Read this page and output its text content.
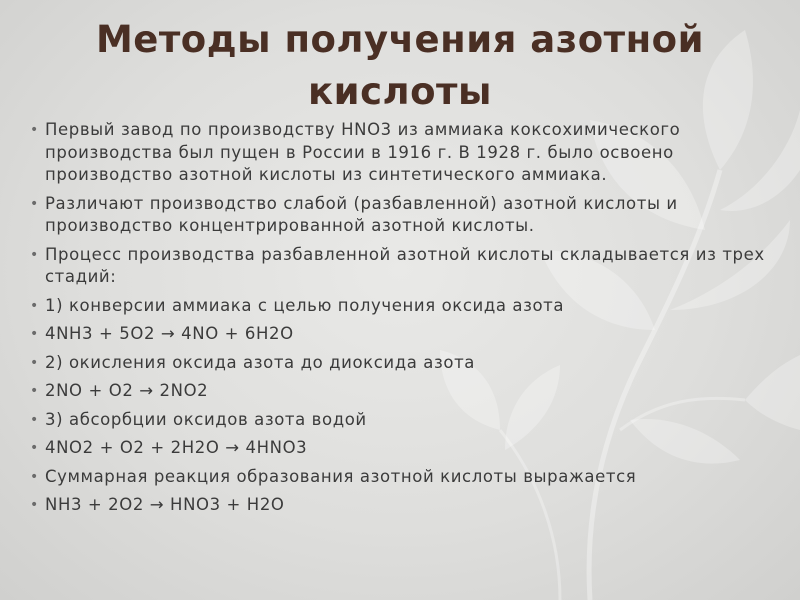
Методы получения азотной
кислоты
• Первый завод по производству HNO3 из аммиака коксохимического производства был пущен в России в 1916 г. В 1928 г. было освоено производство азотной кислоты из синтетического аммиака.
• Различают производство слабой (разбавленной) азотной кислоты и производство концентрированной азотной кислоты.
• Процесс производства разбавленной азотной кислоты складывается из трех стадий:
• 1) конверсии аммиака с целью получения оксида азота
• 4NH3 + 5O2 → 4NO + 6H2O
• 2) окисления оксида азота до диоксида азота
• 2NO + O2 → 2NO2
• 3) абсорбции оксидов азота водой
• 4NO2 + O2 + 2H2O → 4HNO3
• Суммарная реакция образования азотной кислоты выражается
• NH3 + 2O2 → HNO3 + H2O
